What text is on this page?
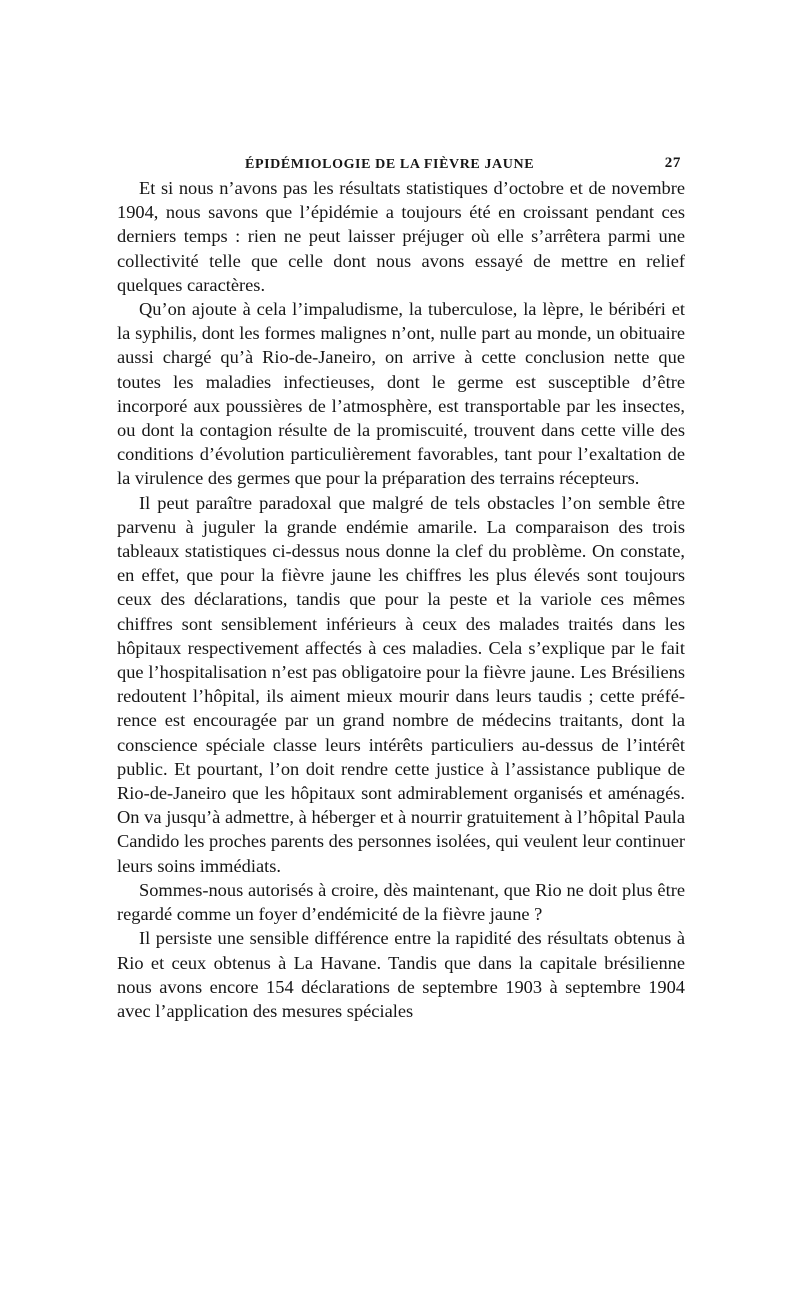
ÉPIDÉMIOLOGIE DE LA FIÈVRE JAUNE	27

Et si nous n’avons pas les résultats statistiques d’octobre et de novembre 1904, nous savons que l’épidémie a toujours été en croissant pendant ces derniers temps : rien ne peut laisser préjuger où elle s’arrêtera parmi une collectivité telle que celle dont nous avons essayé de mettre en relief quelques caractères.

Qu’on ajoute à cela l’impaludisme, la tuberculose, la lèpre, le béribéri et la syphilis, dont les formes malignes n’ont, nulle part au monde, un obituaire aussi chargé qu’à Rio-de-Janeiro, on arrive à cette conclusion nette que toutes les maladies infectieuses, dont le germe est susceptible d’être incorporé aux poussières de l’atmosphère, est transportable par les insectes, ou dont la contagion résulte de la promiscuité, trouvent dans cette ville des conditions d’évolution particulièrement favorables, tant pour l’exaltation de la virulence des germes que pour la préparation des terrains récepteurs.

Il peut paraître paradoxal que malgré de tels obstacles l’on semble être parvenu à juguler la grande endémie amarile. La comparaison des trois tableaux statistiques ci-dessus nous donne la clef du problème. On constate, en effet, que pour la fièvre jaune les chiffres les plus élevés sont toujours ceux des déclarations, tandis que pour la peste et la variole ces mêmes chiffres sont sensiblement inférieurs à ceux des malades traités dans les hôpitaux respectivement affectés à ces maladies. Cela s’explique par le fait que l’hospitalisation n’est pas obligatoire pour la fièvre jaune. Les Brésiliens redoutent l’hôpital, ils aiment mieux mourir dans leurs taudis ; cette préférence est encouragée par un grand nombre de médecins traitants, dont la conscience spéciale classe leurs intérêts particuliers au-dessus de l’intérêt public. Et pourtant, l’on doit rendre cette justice à l’assistance publique de Rio-de-Janeiro que les hôpitaux sont admirablement organisés et aménagés. On va jusqu’à admettre, à héberger et à nourrir gratuitement à l’hôpital Paula Candido les proches parents des personnes isolées, qui veulent leur continuer leurs soins immédiats.

Sommes-nous autorisés à croire, dès maintenant, que Rio ne doit plus être regardé comme un foyer d’endémicité de la fièvre jaune ?

Il persiste une sensible différence entre la rapidité des résultats obtenus à Rio et ceux obtenus à La Havane. Tandis que dans la capitale brésilienne nous avons encore 154 déclarations de septembre 1903 à septembre 1904 avec l’application des mesures spéciales
